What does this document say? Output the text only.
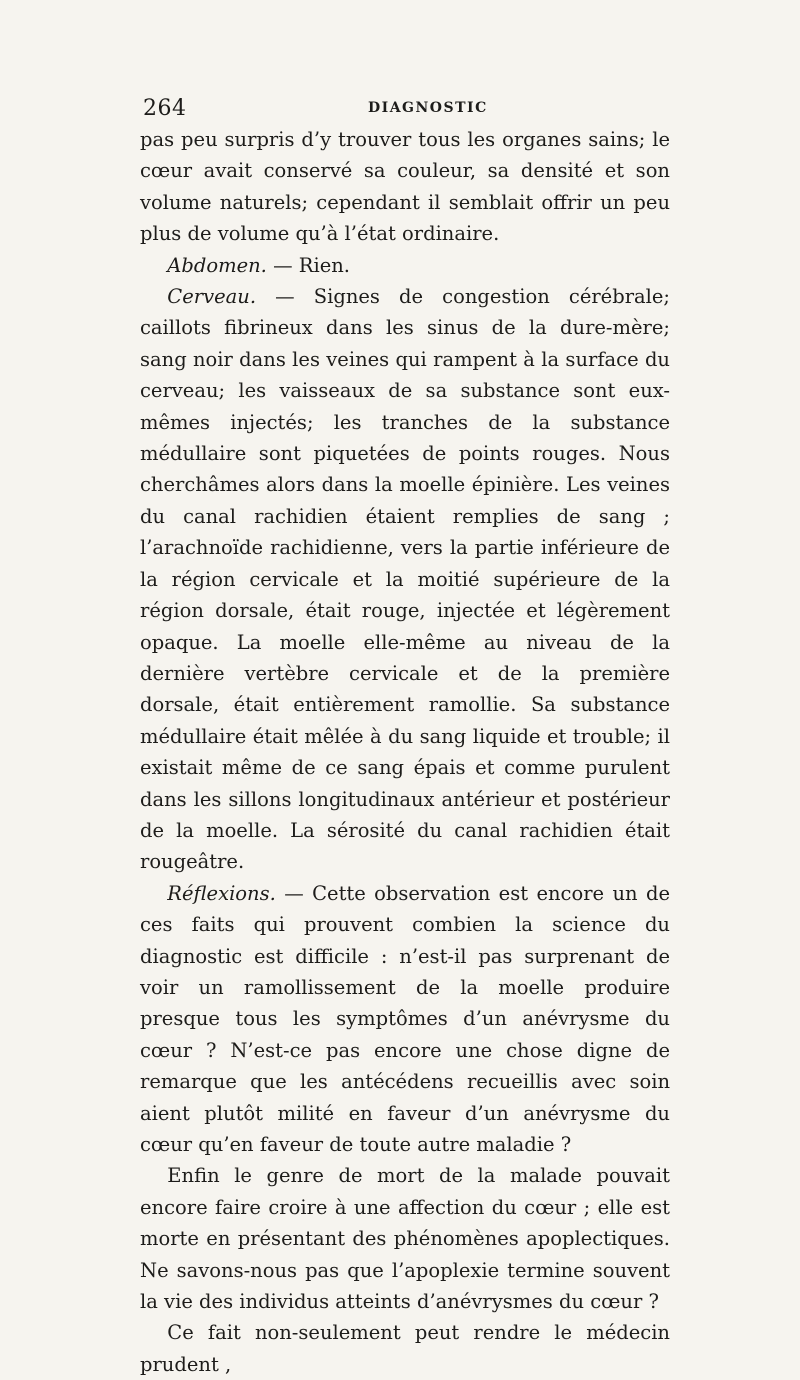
264	DIAGNOSTIC

pas peu surpris d’y trouver tous les organes sains; le cœur avait conservé sa couleur, sa densité et son volume naturels; cependant il semblait offrir un peu plus de volume qu’à l’état ordinaire.

Abdomen. — Rien.

Cerveau. — Signes de congestion cérébrale; caillots fibrineux dans les sinus de la dure-mère; sang noir dans les veines qui rampent à la surface du cerveau; les vaisseaux de sa substance sont eux-mêmes injectés; les tranches de la substance médullaire sont piquetées de points rouges. Nous cherchâmes alors dans la moelle épinière. Les veines du canal rachidien étaient remplies de sang ; l’arachnoïde rachidienne, vers la partie inférieure de la région cervicale et la moitié supérieure de la région dorsale, était rouge, injectée et légèrement opaque. La moelle elle-même au niveau de la dernière vertèbre cervicale et de la première dorsale, était entièrement ramollie. Sa substance médullaire était mêlée à du sang liquide et trouble; il existait même de ce sang épais et comme purulent dans les sillons longitudinaux antérieur et postérieur de la moelle. La sérosité du canal rachidien était rougeâtre.

Réflexions. — Cette observation est encore un de ces faits qui prouvent combien la science du diagnostic est difficile : n’est-il pas surprenant de voir un ramollissement de la moelle produire presque tous les symptômes d’un anévrysme du cœur ? N’est-ce pas encore une chose digne de remarque que les antécédens recueillis avec soin aient plutôt milité en faveur d’un anévrysme du cœur qu’en faveur de toute autre maladie ?

Enfin le genre de mort de la malade pouvait encore faire croire à une affection du cœur ; elle est morte en présentant des phénomènes apoplectiques. Ne savons-nous pas que l’apoplexie termine souvent la vie des individus atteints d’anévrysmes du cœur ?

Ce fait non-seulement peut rendre le médecin prudent ,
